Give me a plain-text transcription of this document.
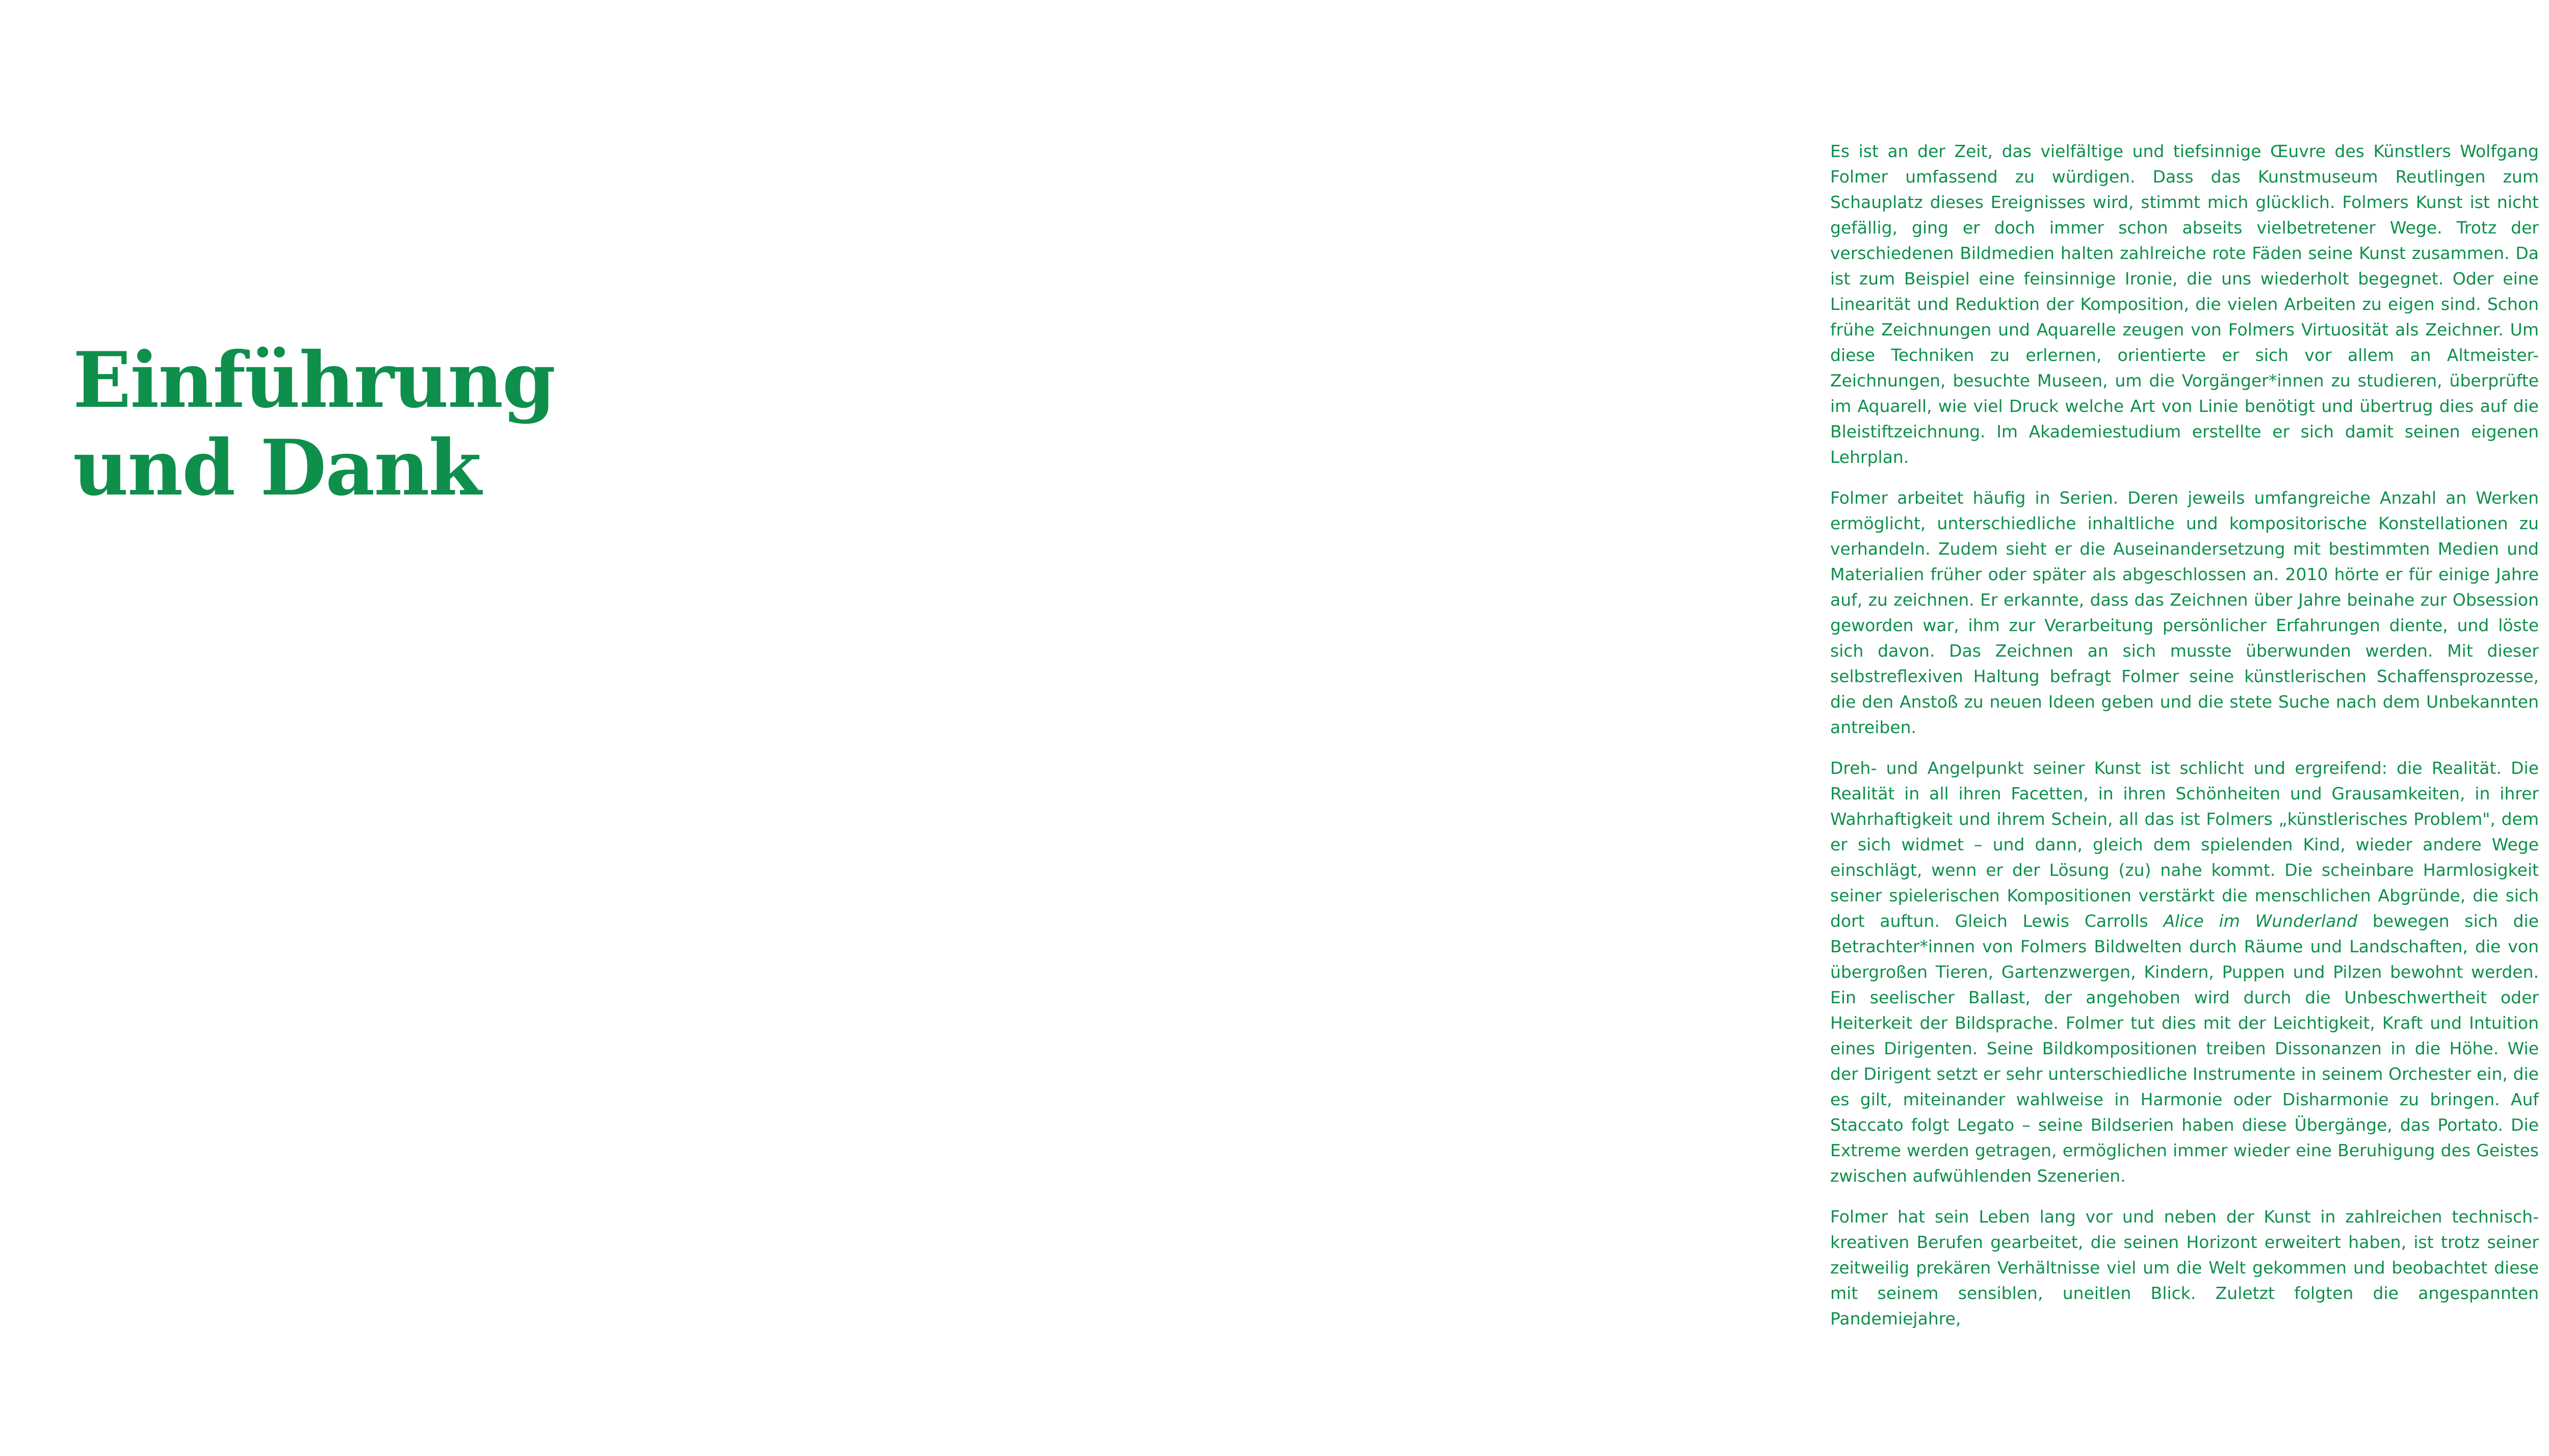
Einführung
und Dank

Es ist an der Zeit, das vielfältige und tiefsinnige Œuvre des Künstlers Wolfgang Folmer umfassend zu würdigen. Dass das Kunstmuseum Reutlingen zum Schauplatz dieses Ereignisses wird, stimmt mich glücklich. Folmers Kunst ist nicht gefällig, ging er doch immer schon abseits vielbetretener Wege. Trotz der verschiedenen Bildmedien halten zahlreiche rote Fäden seine Kunst zusammen. Da ist zum Beispiel eine feinsinnige Ironie, die uns wiederholt begegnet. Oder eine Linearität und Reduktion der Komposition, die vielen Arbeiten zu eigen sind. Schon frühe Zeichnungen und Aquarelle zeugen von Folmers Virtuosität als Zeichner. Um diese Techniken zu erlernen, orientierte er sich vor allem an Altmeister-Zeichnungen, besuchte Museen, um die Vorgänger*innen zu studieren, überprüfte im Aquarell, wie viel Druck welche Art von Linie benötigt und übertrug dies auf die Bleistiftzeichnung. Im Akademiestudium erstellte er sich damit seinen eigenen Lehrplan.

Folmer arbeitet häufig in Serien. Deren jeweils umfangreiche Anzahl an Werken ermöglicht, unterschiedliche inhaltliche und kompositorische Konstellationen zu verhandeln. Zudem sieht er die Auseinandersetzung mit bestimmten Medien und Materialien früher oder später als abgeschlossen an. 2010 hörte er für einige Jahre auf, zu zeichnen. Er erkannte, dass das Zeichnen über Jahre beinahe zur Obsession geworden war, ihm zur Verarbeitung persönlicher Erfahrungen diente, und löste sich davon. Das Zeichnen an sich musste überwunden werden. Mit dieser selbstreflexiven Haltung befragt Folmer seine künstlerischen Schaffensprozesse, die den Anstoß zu neuen Ideen geben und die stete Suche nach dem Unbekannten antreiben.

Dreh- und Angelpunkt seiner Kunst ist schlicht und ergreifend: die Realität. Die Realität in all ihren Facetten, in ihren Schönheiten und Grausamkeiten, in ihrer Wahrhaftigkeit und ihrem Schein, all das ist Folmers „künstlerisches Problem", dem er sich widmet – und dann, gleich dem spielenden Kind, wieder andere Wege einschlägt, wenn er der Lösung (zu) nahe kommt. Die scheinbare Harmlosigkeit seiner spielerischen Kompositionen verstärkt die menschlichen Abgründe, die sich dort auftun. Gleich Lewis Carrolls Alice im Wunderland bewegen sich die Betrachter*innen von Folmers Bildwelten durch Räume und Landschaften, die von übergroßen Tieren, Gartenzwergen, Kindern, Puppen und Pilzen bewohnt werden. Ein seelischer Ballast, der angehoben wird durch die Unbeschwertheit oder Heiterkeit der Bildsprache. Folmer tut dies mit der Leichtigkeit, Kraft und Intuition eines Dirigenten. Seine Bildkompositionen treiben Dissonanzen in die Höhe. Wie der Dirigent setzt er sehr unterschiedliche Instrumente in seinem Orchester ein, die es gilt, miteinander wahlweise in Harmonie oder Disharmonie zu bringen. Auf Staccato folgt Legato – seine Bildserien haben diese Übergänge, das Portato. Die Extreme werden getragen, ermöglichen immer wieder eine Beruhigung des Geistes zwischen aufwühlenden Szenerien.

Folmer hat sein Leben lang vor und neben der Kunst in zahlreichen technisch-kreativen Berufen gearbeitet, die seinen Horizont erweitert haben, ist trotz seiner zeitweilig prekären Verhältnisse viel um die Welt gekommen und beobachtet diese mit seinem sensiblen, uneitlen Blick. Zuletzt folgten die angespannten Pandemiejahre,
